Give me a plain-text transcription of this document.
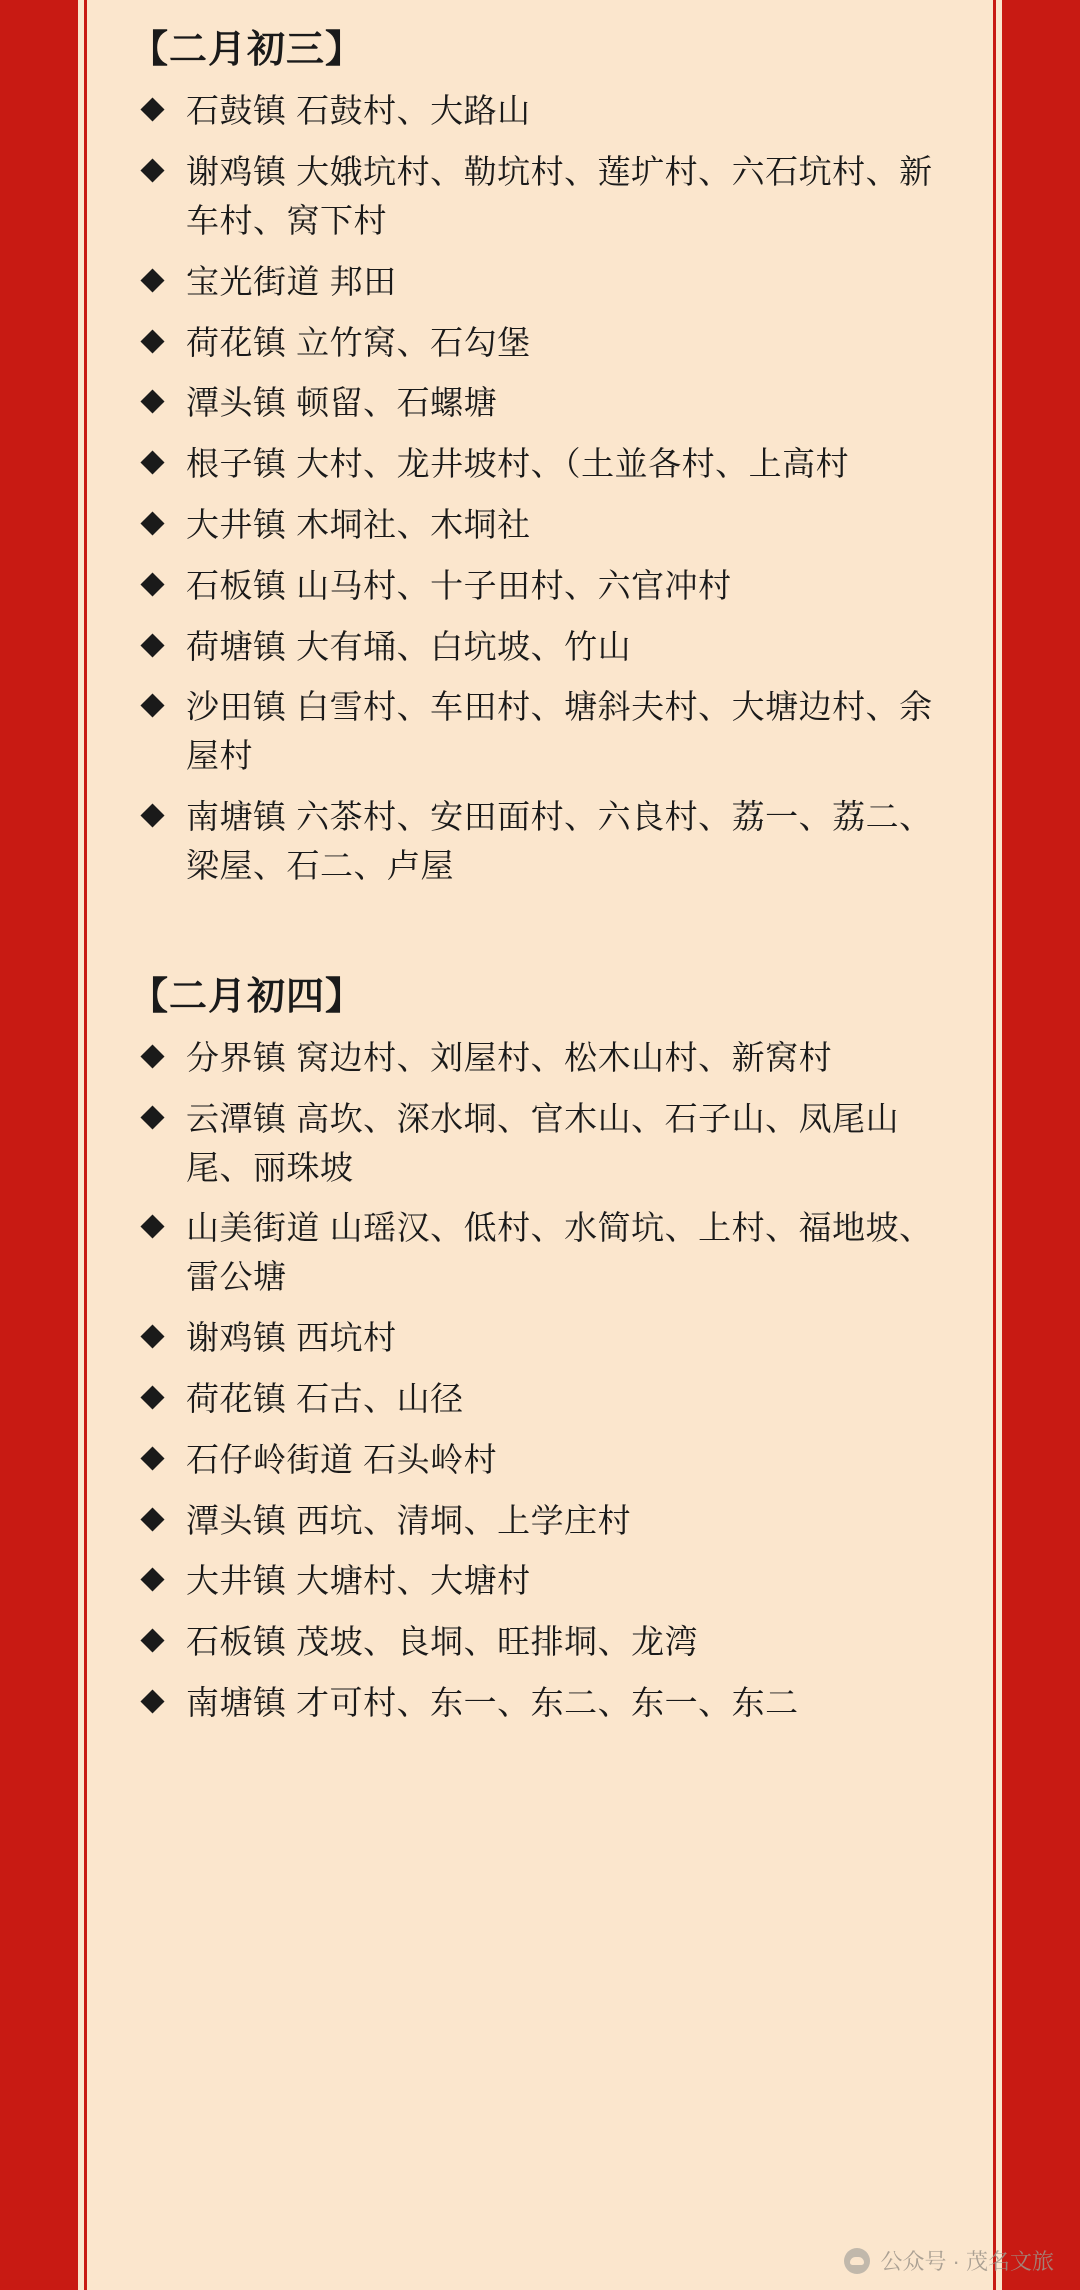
【二月初三】
石鼓镇 石鼓村、大路山
谢鸡镇 大娥坑村、勒坑村、莲圹村、六石坑村、新车村、窝下村
宝光街道 邦田
荷花镇 立竹窝、石勾堡
潭头镇 顿留、石螺塘
根子镇 大村、龙井坡村、（土並各村、上高村
大井镇 木垌社、木垌社
石板镇 山马村、十子田村、六官冲村
荷塘镇 大有埇、白坑坡、竹山
沙田镇 白雪村、车田村、塘斜夫村、大塘边村、余屋村
南塘镇 六茶村、安田面村、六良村、荔一、荔二、梁屋、石二、卢屋
【二月初四】
分界镇 窝边村、刘屋村、松木山村、新窝村
云潭镇 高坎、深水垌、官木山、石子山、凤尾山尾、丽珠坡
山美街道 山瑶汉、低村、水简坑、上村、福地坡、雷公塘
谢鸡镇 西坑村
荷花镇 石古、山径
石仔岭街道 石头岭村
潭头镇 西坑、清垌、上学庄村
大井镇 大塘村、大塘村
石板镇 茂坡、良垌、旺排垌、龙湾
南塘镇 才可村、东一、东二、东一、东二
公众号 · 茂名文旅
